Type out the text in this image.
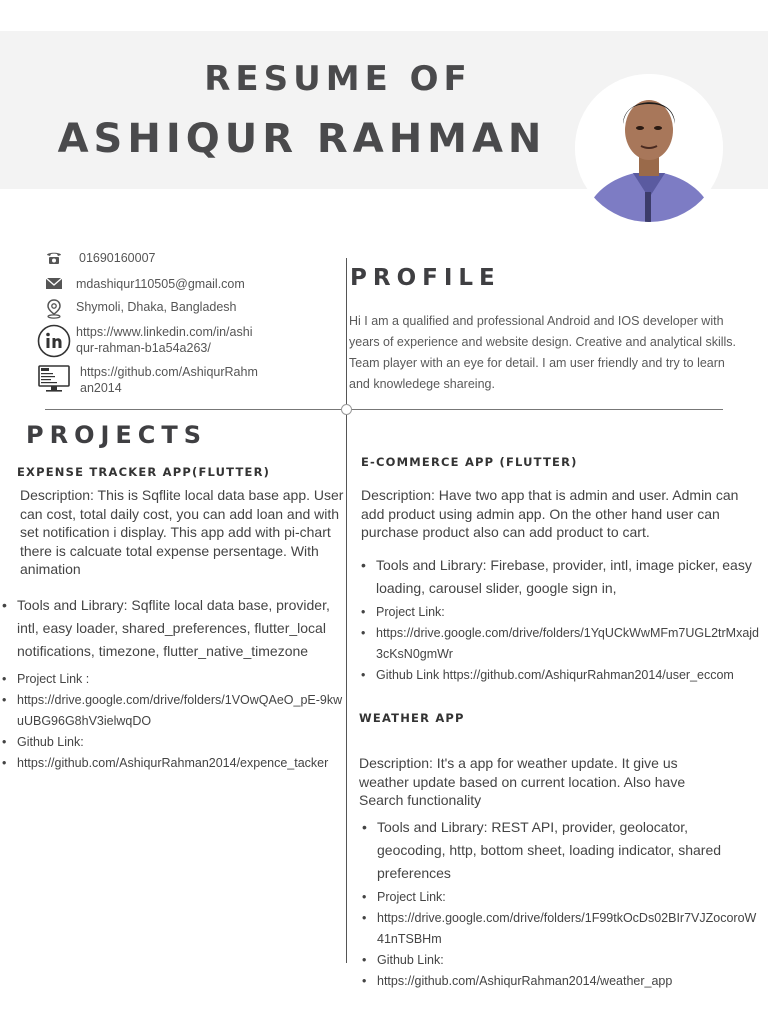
RESUME OF
ASHIQUR RAHMAN
01690160007
mdashiqur110505@gmail.com
Shymoli, Dhaka, Bangladesh
https://www.linkedin.com/in/ashi
qur-rahman-b1a54a263/
https://github.com/AshiqurRahm
an2014
PROFILE
Hi I am a qualified and professional Android and IOS developer with years of experience and website design. Creative and analytical skills. Team player with an eye for detail. I am user friendly and try to learn and knowledege shareing.
PROJECTS
EXPENSE TRACKER APP(FLUTTER)
Description: This is Sqflite local data base app. User can cost, total daily cost, you can add loan and with set notification i display. This app add with pi-chart there is calcuate total expense persentage. With animation
• Tools and Library: Sqflite local data base, provider, intl, easy loader, shared_preferences, flutter_local notifications, timezone, flutter_native_timezone
• Project Link :
• https://drive.google.com/drive/folders/1VOwQAeO_pE-9kwuUBG96G8hV3ielwqDO
• Github Link:
• https://github.com/AshiqurRahman2014/expence_tacker
E-COMMERCE APP (FLUTTER)
Description: Have two app that is admin and user. Admin can add product using admin app. On the other hand user can purchase product also can add product to cart.
• Tools and Library: Firebase, provider, intl, image picker, easy loading, carousel slider, google sign in,
• Project Link:
• https://drive.google.com/drive/folders/1YqUCkWwMFm7UGL2trMxajd3cKsN0gmWr
• Github Link https://github.com/AshiqurRahman2014/user_eccom
WEATHER APP
Description: It's a app for weather update. It give us weather update based on current location. Also have Search functionality
• Tools and Library: REST API, provider, geolocator, geocoding, http, bottom sheet, loading indicator, shared preferences
• Project Link:
• https://drive.google.com/drive/folders/1F99tkOcDs02BIr7VJZocoroW41nTSBHm
• Github Link:
• https://github.com/AshiqurRahman2014/weather_app
